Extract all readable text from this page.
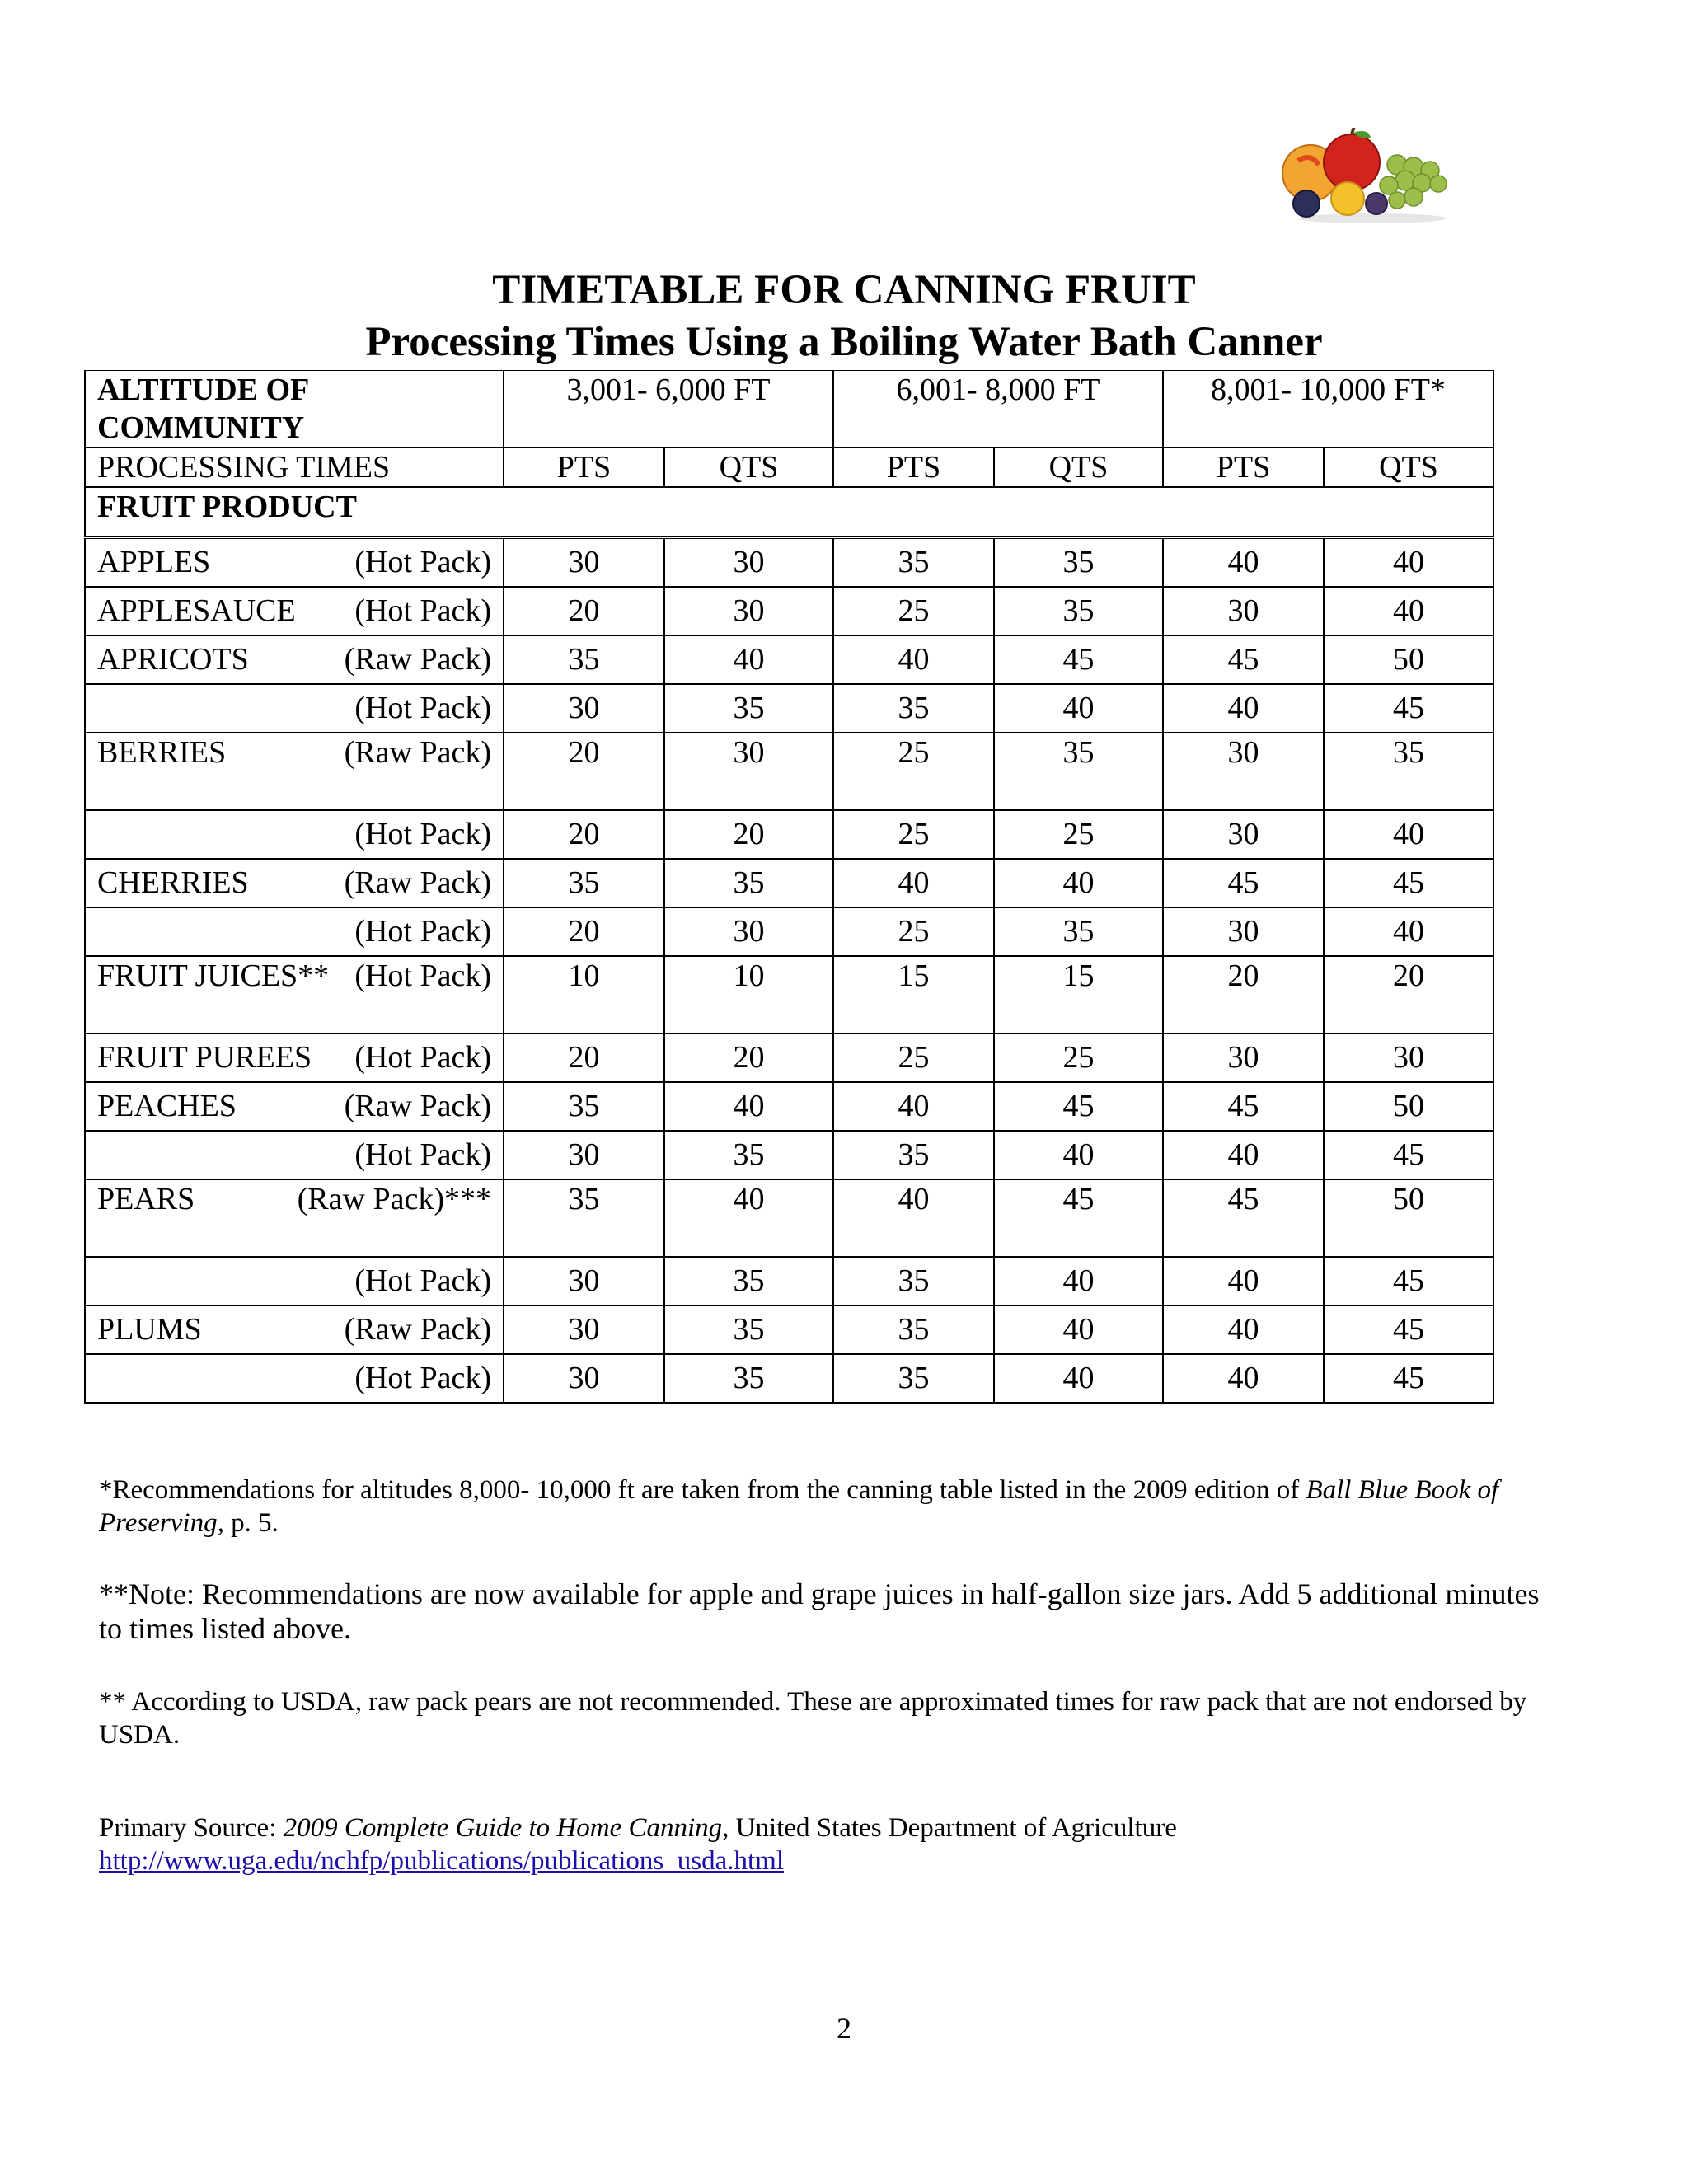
TIMETABLE FOR CANNING FRUIT
Processing Times Using a Boiling Water Bath Canner
ALTITUDE OF
COMMUNITY	3,001- 6,000 FT		6,001- 8,000 FT		8,001- 10,000 FT*	
PROCESSING TIMES	PTS	QTS	PTS	QTS	PTS	QTS
FRUIT PRODUCT						
APPLES (Hot Pack)	30	30	35	35	40	40
APPLESAUCE (Hot Pack)	20	30	25	35	30	40
APRICOTS (Raw Pack)	35	40	40	45	45	50

(Hot Pack)	30	35	35	40	40	45
BERRIES (Raw Pack)	20	30	25	35	30	35

(Hot Pack)	20	20	25	25	30	40
CHERRIES (Raw Pack)	35	35	40	40	45	45

(Hot Pack)	20	30	25	35	30	40
FRUIT JUICES** (Hot Pack)	10	10	15	15	20	20
FRUIT PUREES (Hot Pack)	20	20	25	25	30	30
PEACHES (Raw Pack)	35	40	40	45	45	50

(Hot Pack)	30	35	35	40	40	45
PEARS (Raw Pack)***	35	40	40	45	45	50

(Hot Pack)	30	35	35	40	40	45
PLUMS (Raw Pack)	30	35	35	40	40	45

(Hot Pack)	30	35	35	40	40	45
*Recommendations for altitudes 8,000- 10,000 ft are taken from the canning table listed in the 2009 edition of Ball Blue Book of Preserving, p. 5.
**Note: Recommendations are now available for apple and grape juices in half-gallon size jars. Add 5 additional minutes to times listed above.
** According to USDA, raw pack pears are not recommended. These are approximated times for raw pack that are not endorsed by USDA.
Primary Source: 2009 Complete Guide to Home Canning, United States Department of Agriculture
http://www.uga.edu/nchfp/publications/publications_usda.html
2
